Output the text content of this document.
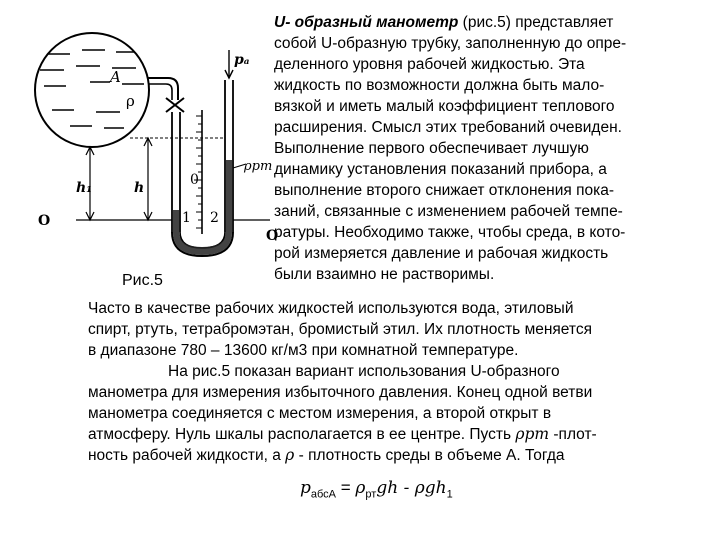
A
ρ
0
1 2
pₐ
ρрт
h₁	h
O
O
Рис.5
U- образный манометр (рис.5) представляет
собой U-образную трубку, заполненную до опре-
деленного уровня рабочей жидкостью. Эта
жидкость по возможности должна быть мало-
вязкой и иметь малый коэффициент теплового
расширения. Смысл этих требований очевиден.
Выполнение первого обеспечивает лучшую
динамику установления показаний прибора, а
выполнение второго снижает отклонения пока-
заний, связанные с изменением рабочей темпе-
ратуры. Необходимо также, чтобы среда, в кото-
рой измеряется давление и рабочая жидкость
были взаимно не растворимы.
Часто в качестве рабочих жидкостей используются вода, этиловый
спирт, ртуть, тетрабромэтан, бромистый этил. Их плотность меняется
в диапазоне 780 – 13600 кг/м3 при комнатной температуре.
На рис.5 показан вариант использования U-образного
манометра для измерения избыточного давления. Конец одной ветви
манометра соединяется с местом измерения, а второй открыт в
атмосферу. Нуль шкалы располагается в ее центре. Пусть ρрт -плот-
ность рабочей жидкости, а ρ - плотность среды в объеме А. Тогда
$p_{абсА} = \rho_{рт}gh - \rho gh_1$
